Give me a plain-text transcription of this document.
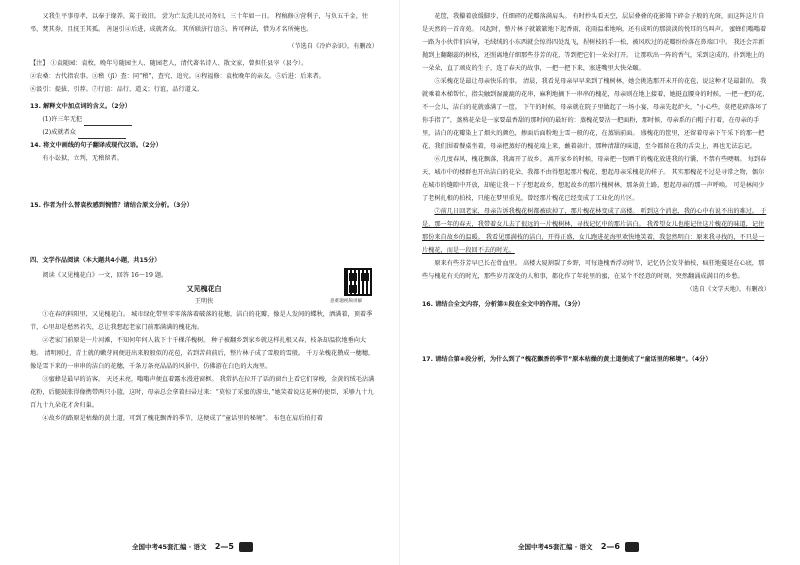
又我生平事母孝，以奉于缘养，罵于故旧。 尝为亡友洗儿民司务妇，三十年如一日。 程稿修③营利子，与负五千金，往弔，焚其券，且抚王其孤。 善退引④后进，成就者众。 其所联济行谊⑤，皆可释法，惜为才名所掩也。

（节选自《冷庐杂识》，有删改）

【注】 ①袁随园：袁枚，晚年号随园主人、随园老人，清代著名诗人、散文家，曾担任县宰（县令）。

②农桑：古代指农事。③稽（jī）查：同“稽”，查究、追究。④程福修：袁枚晚年的亲友。⑤后进：后来者。

⑥汲引：提拔、引荐。⑦行谊：品行、道义；行谊，品行道义。

13. 解释文中加点词的含义。（2分）

(1)许三年无犯

(2)成就者众

14. 将文中画线的句子翻译成现代汉语。（2分）

有小讼狱，立判，无稽留者。

15. 作者为什么替袁枚感到惋惜？请结合原文分析。（3分）

四、文学作品阅读（本大题共4小题，共15分）

阅读《又见槐花白》一文，回答 16～19 题。

又见槐花白

王明侠

①在春的料阳里，又见槐花白。 城市绿化带里零零落落着破落的花穗，洁白的花瓣，像是人发间的蝶秋，洒满着，顶着季节，心里却是愁然若失，总让我想起老家门前那满满的槐花海。

②老家门前原是一片河滩，不知何年何人栽下十千棵洋槐树。 种子被翻乡到家乡就这样扎根又春，枝条却温软地垂向大地。 清明刚过，青土就的嫩芽间便迸出来般般似的花苞，若到苦荷前后，整片林子成了雪般的雪般。 千万朵槐花攒成一穗穗，像是雪下来的一串串的洁白的花穗，千条万条亮晶晶的风景中，仿佛游在白色的大海里。

③蜜蜂是最早的访客。 天还未亮，嗡嗡声便直着露水漫进窗框。 我常扒在拉开了话的窗台上看它们穿梭，金黄的绒毛沾满花粉，后腿鼓胀得像携带两只小篮，这时，母亲总会拿着扫帚过来：“莫惊了采蜜的游虫，”她笑着说这花神的使臣，采够九十九百九十九朵花才舍归巢。

④故乡的路原是枯燥的黄土道，可到了槐花飘香的季节，这便成了“童话里的秘境”。 布包在肩后拍打着

意难题视频讲解
全国中考45套汇编 · 语文 2—5

花筐，我攥着放缓脚步，任细碎的花瓣落满肩头。 有时抄头看天空，层层叠叠的花影筛下碎金子般的光斑，而这阵这片自是天然的一首奇苑。 风起时，整片林子就簌簌地下起香雨，花雨温柔地响，还有成听的那淡淡的悦耳的鸟叫声。 蜜蜂们嗡嗡着一路为小伙伴们向导，毛绒绒的小东西就会惊得四处乱飞，捏树枝的手一松，被风吹过的花瓣纷纷落在鼻端口中。 我还会弄新抛到上翻翻蕊的树枝，还照离地仔细那些芬芳的花，等到把它们一朵朵打开。 让那吹出一阵的香气，采到这成的，扑到地上的一朵朵，直了顽皮的生子，连了春天的故事，一把一把下来，塞进嘴里大快朵颐。

⑤采槐花是最让母亲快乐的事。 清晨，我看见母亲早早来到了槐树林，她会挑选那开未开的花苞，说这种才是最甜的。 我就乘着木梯帮忙，指尖触到湿漉漉的花串，麻利地摘下一串串的槐花，母亲则在地上接着，她挺直腰身的时候，一把一把的花，不一会儿，洁白的花就盛满了一筐。 下午的时候，母亲就在院子里做起了一场小宴，母亲先起炉火，“小心些，莫把花碎落坏了你手指了”，蒸熟花朵是一家要最香甜的那时间的最好的：蒸槐花要沾一把面粉，那时候，母亲系的白帽子打着，在母亲的手里，洁白的花瓣染上了烟火的颜色，掺面后面粉地上雪一般的花，在蒸锅前面。 盛槐花的筐里，还留着母亲下午采下的那一把花，我们围着餐桌坐着，母亲把蒸好的槐花端上来，蘸着蒜汁，那种清甜的味道，至今都留在我的舌尖上，再也无法忘记。

⑥几度春风，槐花飘落，我离开了故乡。 离开家乡的时候，母亲把一包晒干的槐花放进我的行囊，不禁有些哽咽。 每到春天，城市中的楼群也开出洁白的花朵，我都不由得想起那片槐花，想起母亲采槐花的样子。 其实那槐花不过是寻常之物，偶尔在城市的缝隙中开放，却能让我一下子想起故乡，想起故乡的那片槐树林，那条黄土路，想起母亲的那一声呼唤。 可是林间少了老树扎根的拍枝，只能在梦里重见，曾经那片槐花已经变成了工业化的片区。

⑦前几日回老家，母亲告诉我槐花树都被砍掉了，那片槐花林变成了高楼。 听到这个消息，我的心中有说不出的难过。 于是，那一年的春天，我带着女儿去了很远的一片槐树林，寻找记忆中的那片洁白。 我希望女儿也能记住这片槐花的味道，记住那份来自故乡的温暖。 我看见那满枝的洁白，开得正盛，女儿跑进花海里欢快地笑着，我忽然明白：原来我寻找的，不只是一片槐花，而是一段回不去的时光。

原来有些芬芳早已长在骨血里。 高楼大厦割裂了乡野，可每逢槐香浮动时节，记忆仍会发芽抽枝，疯狂地蔓延在心底，那些与槐花有关的时光，那些岁月深处的人和事，都化作了年轮里的蜜，在某个不经意的时刻，突然翻涌成满目的乡愁。

（选自《文学天地》，有删改）

16. 请结合全文内容，分析第①段在全文中的作用。（3分）

17. 请结合第④段分析，为什么到了“槐花飘香的季节”原本枯燥的黄土道便成了“童话里的秘境”。（4分）

全国中考45套汇编 · 语文 2—6
